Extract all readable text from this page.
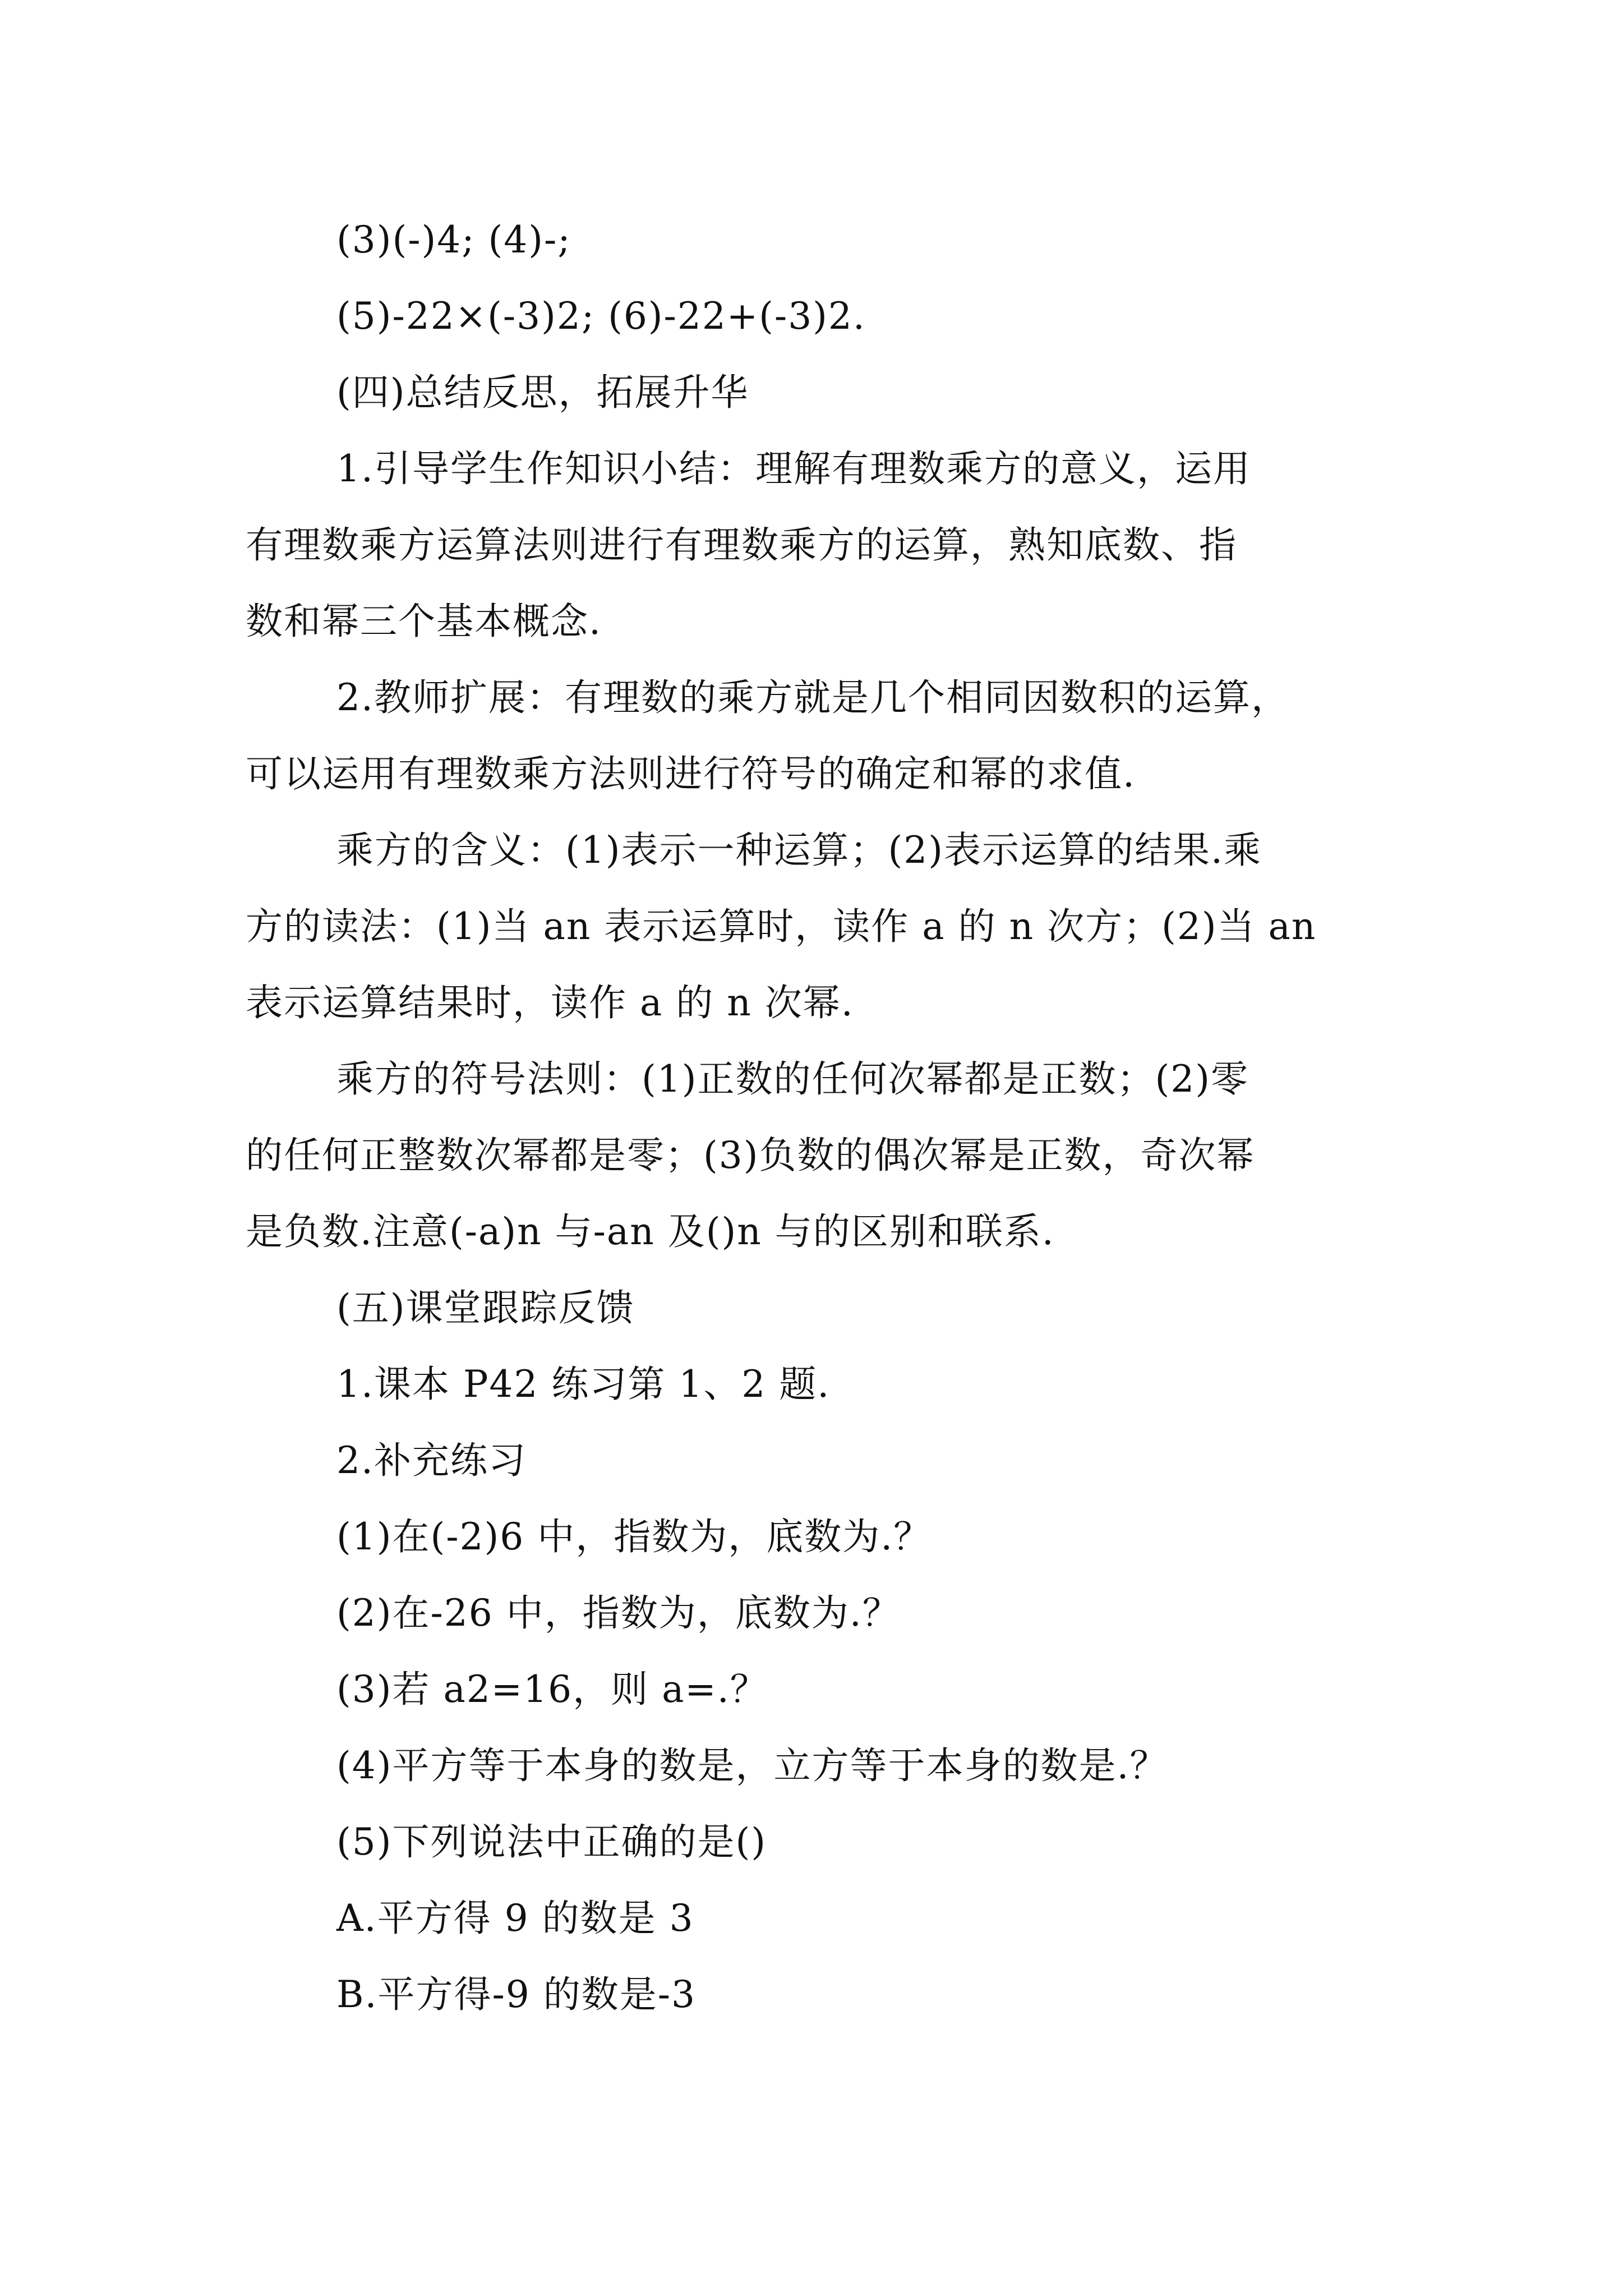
(3)(-)4; (4)-;
(5)-22×(-3)2; (6)-22+(-3)2.
(四)总结反思，拓展升华
1.引导学生作知识小结：理解有理数乘方的意义，运用
有理数乘方运算法则进行有理数乘方的运算，熟知底数、指
数和幂三个基本概念.
2.教师扩展：有理数的乘方就是几个相同因数积的运算，
可以运用有理数乘方法则进行符号的确定和幂的求值.
乘方的含义：(1)表示一种运算；(2)表示运算的结果.乘
方的读法：(1)当 an 表示运算时，读作 a 的 n 次方；(2)当 an
表示运算结果时，读作 a 的 n 次幂.
乘方的符号法则：(1)正数的任何次幂都是正数；(2)零
的任何正整数次幂都是零；(3)负数的偶次幂是正数，奇次幂
是负数.注意(-a)n 与-an 及()n 与的区别和联系.
(五)课堂跟踪反馈
1.课本 P42 练习第 1、2 题.
2.补充练习
(1)在(-2)6 中，指数为，底数为.？
(2)在-26 中，指数为，底数为.？
(3)若 a2=16，则 a=.？
(4)平方等于本身的数是，立方等于本身的数是.？
(5)下列说法中正确的是()
A.平方得 9 的数是 3
B.平方得-9 的数是-3
